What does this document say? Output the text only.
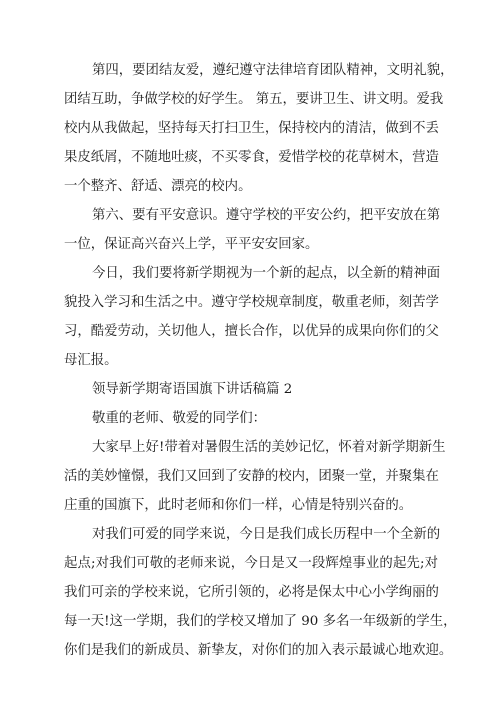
第四，要团结友爱，遵纪遵守法律培育团队精神，文明礼貌，
团结互助，争做学校的好学生。 第五，要讲卫生、讲文明。爱我
校内从我做起，坚持每天打扫卫生，保持校内的清洁，做到不丢
果皮纸屑，不随地吐痰，不买零食，爱惜学校的花草树木，营造
一个整齐、舒适、漂亮的校内。
第六、要有平安意识。遵守学校的平安公约，把平安放在第
一位，保证高兴奋兴上学，平平安安回家。
今日，我们要将新学期视为一个新的起点，以全新的精神面
貌投入学习和生活之中。遵守学校规章制度，敬重老师，刻苦学
习，酷爱劳动，关切他人，擅长合作，以优异的成果向你们的父
母汇报。
领导新学期寄语国旗下讲话稿篇 2
敬重的老师、敬爱的同学们：
大家早上好!带着对暑假生活的美妙记忆，怀着对新学期新生
活的美妙憧憬，我们又回到了安静的校内，团聚一堂，并聚集在
庄重的国旗下，此时老师和你们一样，心情是特别兴奋的。
对我们可爱的同学来说，今日是我们成长历程中一个全新的
起点;对我们可敬的老师来说，今日是又一段辉煌事业的起先;对
我们可亲的学校来说，它所引领的，必将是保太中心小学绚丽的
每一天!这一学期，我们的学校又增加了 90 多名一年级新的学生，
你们是我们的新成员、新挚友，对你们的加入表示最诚心地欢迎。
